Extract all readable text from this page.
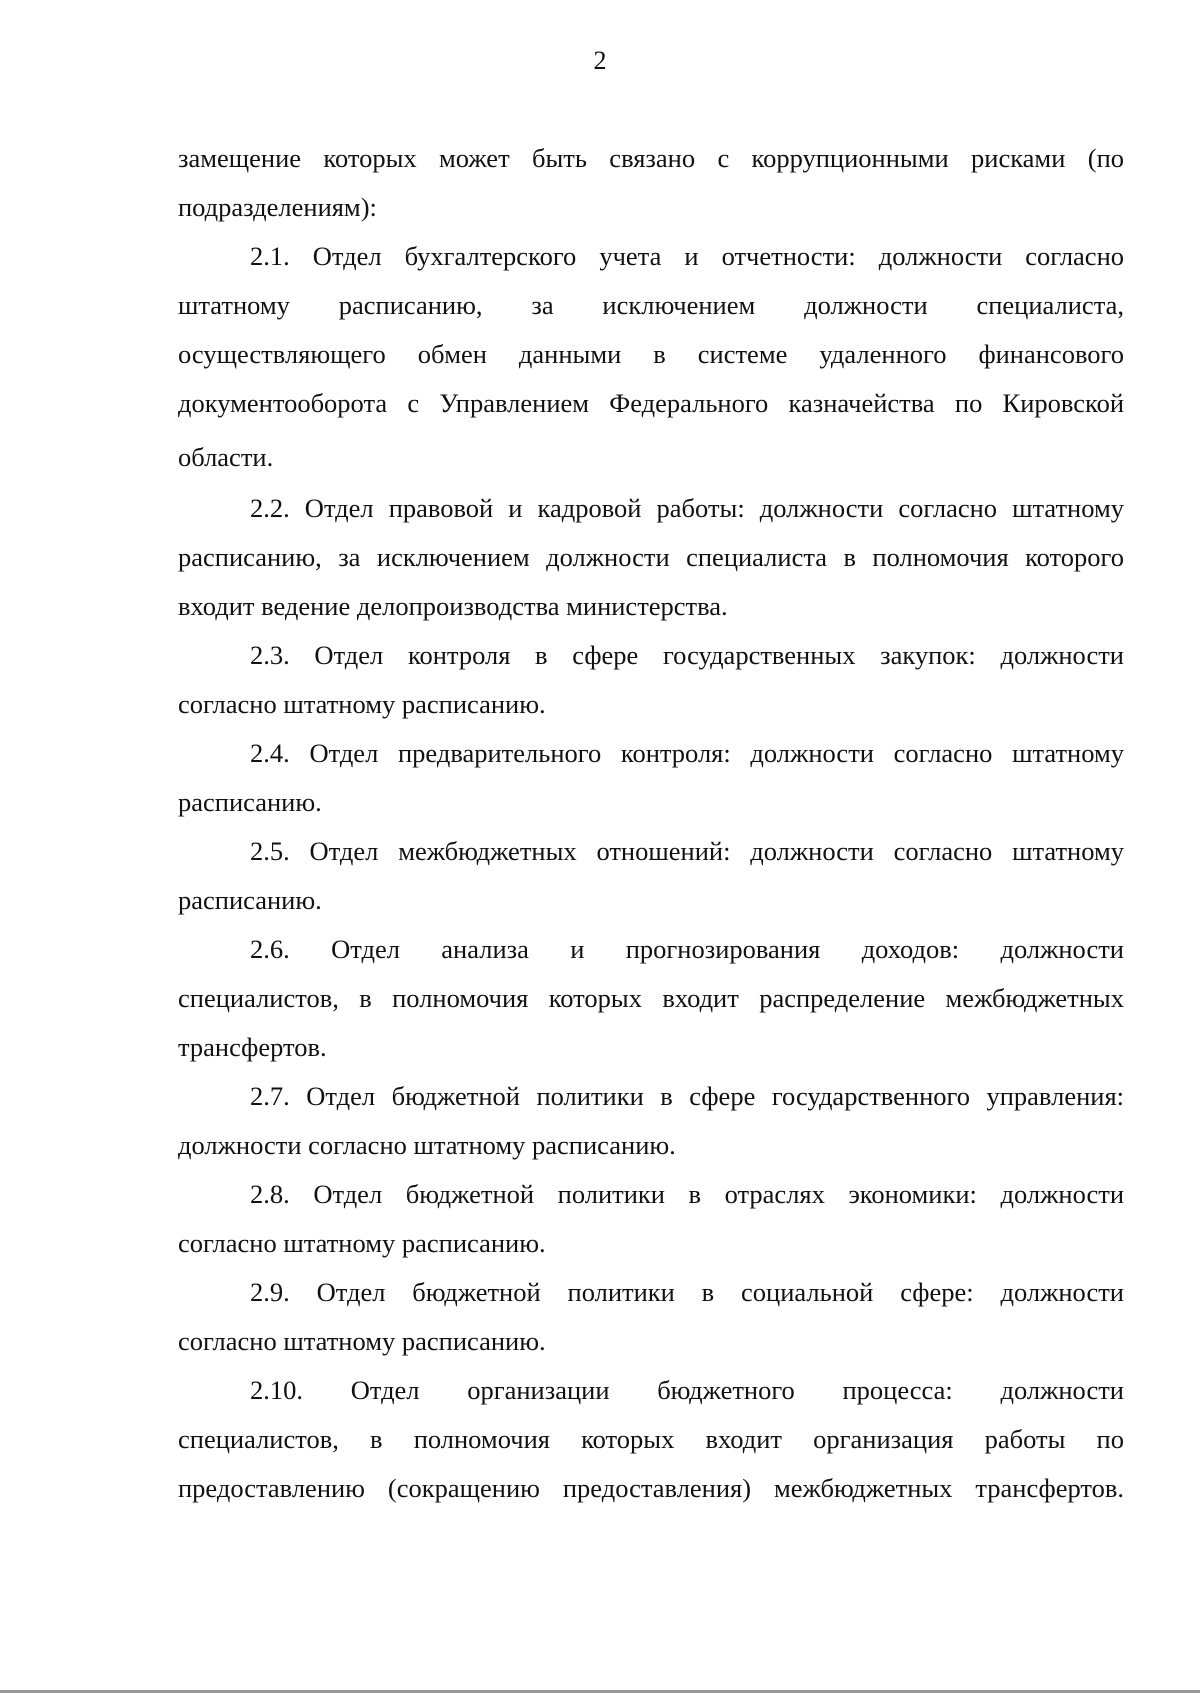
2
замещение которых может быть связано с коррупционными рисками (по
подразделениям):
2.1. Отдел бухгалтерского учета и отчетности: должности согласно
штатному расписанию, за исключением должности специалиста,
осуществляющего обмен данными в системе удаленного финансового
документооборота с Управлением Федерального казначейства по Кировской
области.
2.2. Отдел правовой и кадровой работы: должности согласно штатному
расписанию, за исключением должности специалиста в полномочия которого
входит ведение делопроизводства министерства.
2.3. Отдел контроля в сфере государственных закупок: должности
согласно штатному расписанию.
2.4. Отдел предварительного контроля: должности согласно штатному
расписанию.
2.5. Отдел межбюджетных отношений: должности согласно штатному
расписанию.
2.6. Отдел анализа и прогнозирования доходов: должности
специалистов, в полномочия которых входит распределение межбюджетных
трансфертов.
2.7. Отдел бюджетной политики в сфере государственного управления:
должности согласно штатному расписанию.
2.8. Отдел бюджетной политики в отраслях экономики: должности
согласно штатному расписанию.
2.9. Отдел бюджетной политики в социальной сфере: должности
согласно штатному расписанию.
2.10. Отдел организации бюджетного процесса: должности
специалистов, в полномочия которых входит организация работы по
предоставлению (сокращению предоставления) межбюджетных трансфертов.
